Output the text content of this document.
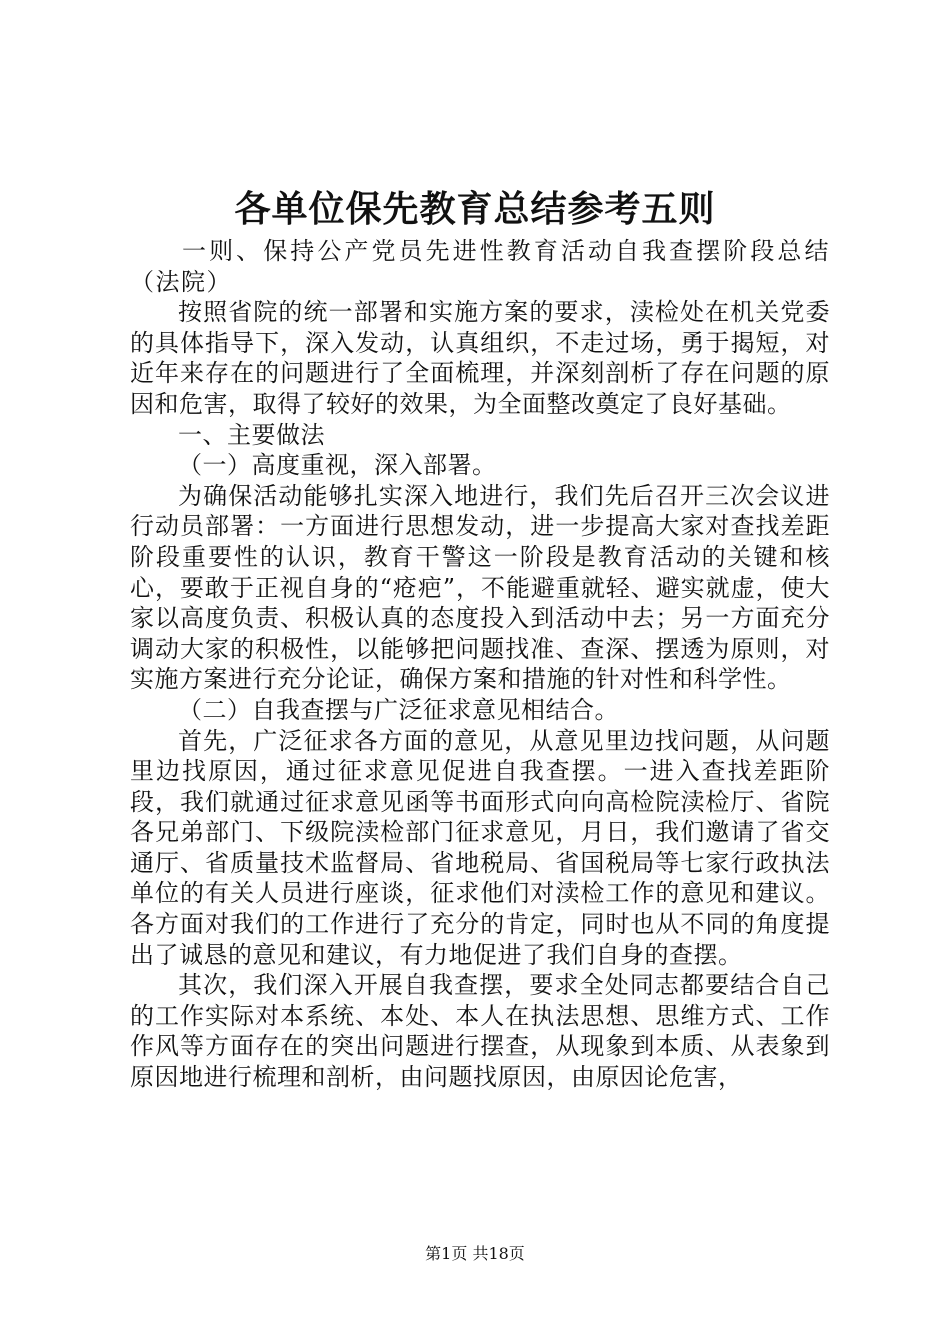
各单位保先教育总结参考五则

一则、保持公产党员先进性教育活动自我查摆阶段总结（法院）

按照省院的统一部署和实施方案的要求，渎检处在机关党委的具体指导下，深入发动，认真组织，不走过场，勇于揭短，对近年来存在的问题进行了全面梳理，并深刻剖析了存在问题的原因和危害，取得了较好的效果，为全面整改奠定了良好基础。

一、主要做法

（一）高度重视，深入部署。

为确保活动能够扎实深入地进行，我们先后召开三次会议进行动员部署：一方面进行思想发动，进一步提高大家对查找差距阶段重要性的认识，教育干警这一阶段是教育活动的关键和核心，要敢于正视自身的“疮疤”，不能避重就轻、避实就虚，使大家以高度负责、积极认真的态度投入到活动中去；另一方面充分调动大家的积极性，以能够把问题找准、查深、摆透为原则，对实施方案进行充分论证，确保方案和措施的针对性和科学性。

（二）自我查摆与广泛征求意见相结合。

首先，广泛征求各方面的意见，从意见里边找问题，从问题里边找原因，通过征求意见促进自我查摆。一进入查找差距阶段，我们就通过征求意见函等书面形式向向高检院渎检厅、省院各兄弟部门、下级院渎检部门征求意见，月日，我们邀请了省交通厅、省质量技术监督局、省地税局、省国税局等七家行政执法单位的有关人员进行座谈，征求他们对渎检工作的意见和建议。各方面对我们的工作进行了充分的肯定，同时也从不同的角度提出了诚恳的意见和建议，有力地促进了我们自身的查摆。

其次，我们深入开展自我查摆，要求全处同志都要结合自己的工作实际对本系统、本处、本人在执法思想、思维方式、工作作风等方面存在的突出问题进行摆查，从现象到本质、从表象到原因地进行梳理和剖析，由问题找原因，由原因论危害，

第1页 共18页
